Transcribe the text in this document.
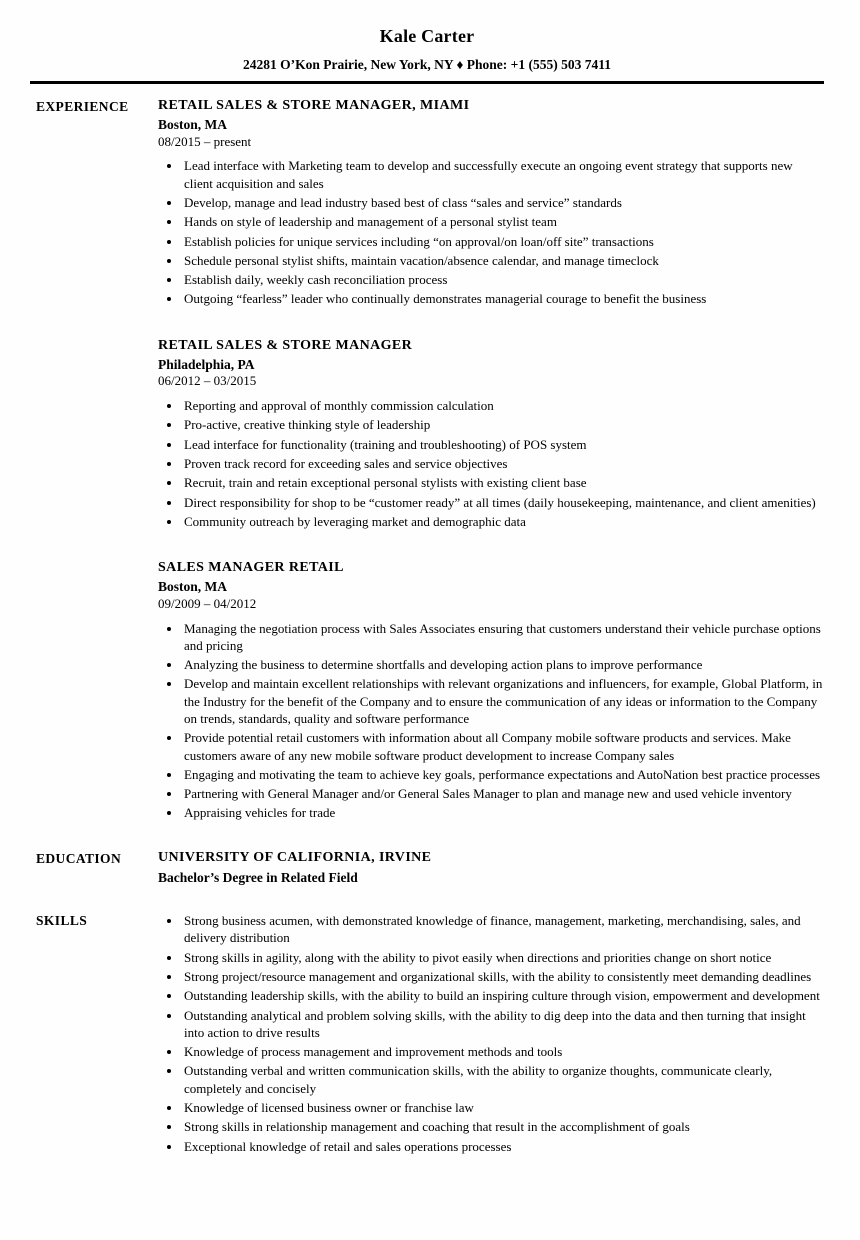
Kale Carter
24281 O’Kon Prairie, New York, NY ♦ Phone: +1 (555) 503 7411
EXPERIENCE	RETAIL SALES & STORE MANAGER, MIAMI
Boston, MA
08/2015 – present
• Lead interface with Marketing team to develop and successfully execute an ongoing event strategy that supports new client acquisition and sales
• Develop, manage and lead industry based best of class “sales and service” standards
• Hands on style of leadership and management of a personal stylist team
• Establish policies for unique services including “on approval/on loan/off site” transactions
• Schedule personal stylist shifts, maintain vacation/absence calendar, and manage timeclock
• Establish daily, weekly cash reconciliation process
• Outgoing “fearless” leader who continually demonstrates managerial courage to benefit the business
RETAIL SALES & STORE MANAGER
Philadelphia, PA
06/2012 – 03/2015
• Reporting and approval of monthly commission calculation
• Pro-active, creative thinking style of leadership
• Lead interface for functionality (training and troubleshooting) of POS system
• Proven track record for exceeding sales and service objectives
• Recruit, train and retain exceptional personal stylists with existing client base
• Direct responsibility for shop to be “customer ready” at all times (daily housekeeping, maintenance, and client amenities)
• Community outreach by leveraging market and demographic data
SALES MANAGER RETAIL
Boston, MA
09/2009 – 04/2012
• Managing the negotiation process with Sales Associates ensuring that customers understand their vehicle purchase options and pricing
• Analyzing the business to determine shortfalls and developing action plans to improve performance
• Develop and maintain excellent relationships with relevant organizations and influencers, for example, Global Platform, in the Industry for the benefit of the Company and to ensure the communication of any ideas or information to the Company on trends, standards, quality and software performance
• Provide potential retail customers with information about all Company mobile software products and services. Make customers aware of any new mobile software product development to increase Company sales
• Engaging and motivating the team to achieve key goals, performance expectations and AutoNation best practice processes
• Partnering with General Manager and/or General Sales Manager to plan and manage new and used vehicle inventory
• Appraising vehicles for trade
EDUCATION	UNIVERSITY OF CALIFORNIA, IRVINE
Bachelor’s Degree in Related Field
SKILLS	• Strong business acumen, with demonstrated knowledge of finance, management, marketing, merchandising, sales, and delivery distribution
• Strong skills in agility, along with the ability to pivot easily when directions and priorities change on short notice
• Strong project/resource management and organizational skills, with the ability to consistently meet demanding deadlines
• Outstanding leadership skills, with the ability to build an inspiring culture through vision, empowerment and development
• Outstanding analytical and problem solving skills, with the ability to dig deep into the data and then turning that insight into action to drive results
• Knowledge of process management and improvement methods and tools
• Outstanding verbal and written communication skills, with the ability to organize thoughts, communicate clearly, completely and concisely
• Knowledge of licensed business owner or franchise law
• Strong skills in relationship management and coaching that result in the accomplishment of goals
• Exceptional knowledge of retail and sales operations processes
